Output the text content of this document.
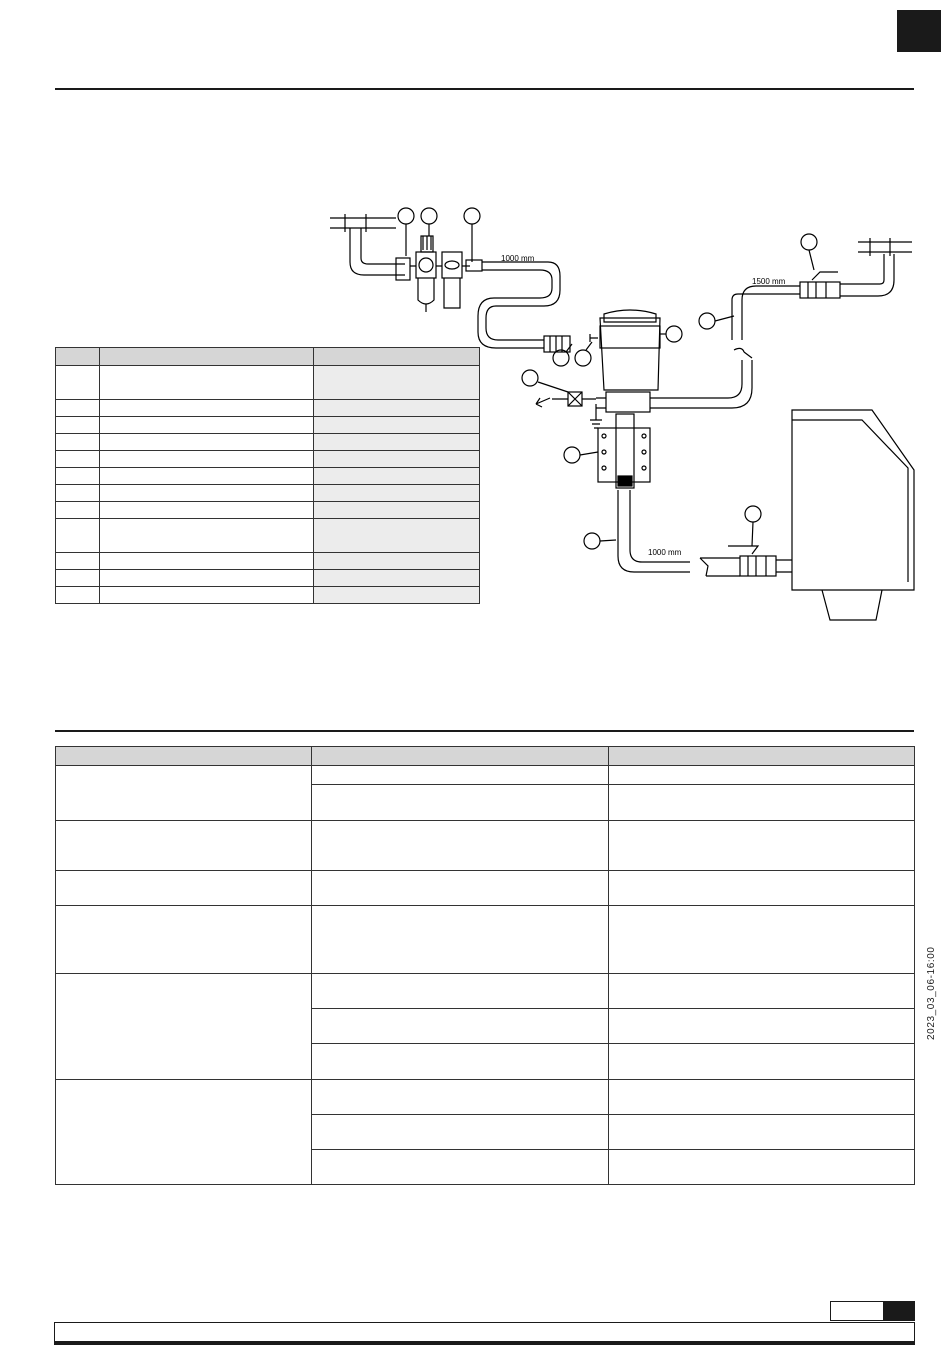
1000 mm
1500 mm
1000 mm

2023_03_06-16:00
